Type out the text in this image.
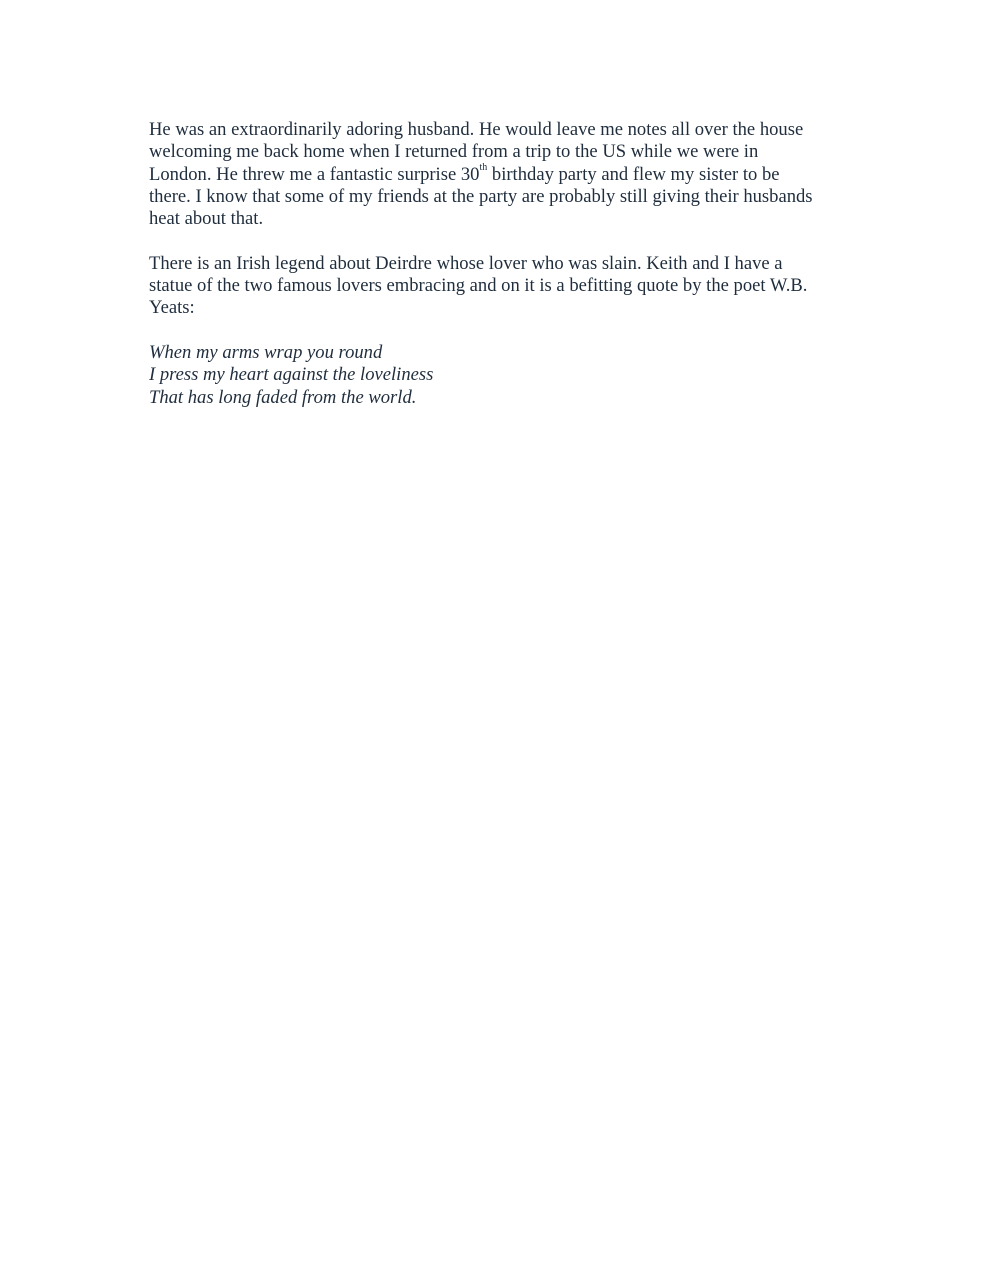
He was an extraordinarily adoring husband. He would leave me notes all over the house
welcoming me back home when I returned from a trip to the US while we were in
London. He threw me a fantastic surprise 30th birthday party and flew my sister to be
there. I know that some of my friends at the party are probably still giving their husbands
heat about that.

There is an Irish legend about Deirdre whose lover who was slain. Keith and I have a
statue of the two famous lovers embracing and on it is a befitting quote by the poet W.B.
Yeats:

When my arms wrap you round
I press my heart against the loveliness
That has long faded from the world.
